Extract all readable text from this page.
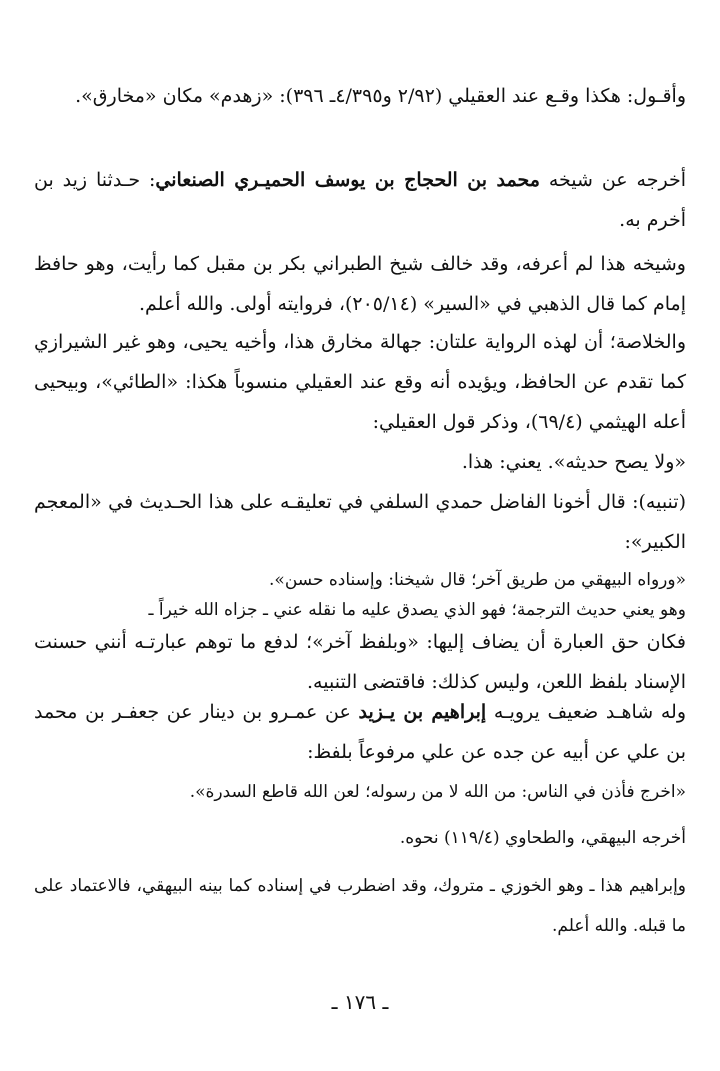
وأقـول: هكذا وقـع عند العقيلي (٢/٩٢ و٤/٣٩٥ـ ٣٩٦): «زهدم» مكان «مخارق».

أخرجه عن شيخه محمد بن الحجاج بن يوسف الحميـري الصنعاني: حـدثنا زيد بن أخرم به.

وشيخه هذا لم أعرفه، وقد خالف شيخ الطبراني بكر بن مقبل كما رأيت، وهو حافظ إمام كما قال الذهبي في «السير» (٢٠٥/١٤)، فروايته أولى. والله أعلم.

والخلاصة؛ أن لهذه الرواية علتان: جهالة مخارق هذا، وأخيه يحيى، وهو غير الشيرازي كما تقدم عن الحافظ، ويؤيده أنه وقع عند العقيلي منسوباً هكذا: «الطائي»، وبيحيى أعله الهيثمي (٦٩/٤)، وذكر قول العقيلي:

«ولا يصح حديثه». يعني: هذا.

(تنبيه): قال أخونا الفاضل حمدي السلفي في تعليقـه على هذا الحـديث في «المعجم الكبير»:

«ورواه البيهقي من طريق آخر؛ قال شيخنا: وإسناده حسن».

وهو يعني حديث الترجمة؛ فهو الذي يصدق عليه ما نقله عني ـ جزاه الله خيراً ـ

فكان حق العبارة أن يضاف إليها: «وبلفظ آخر»؛ لدفع ما توهم عبارتـه أنني حسنت الإسناد بلفظ اللعن، وليس كذلك: فاقتضى التنبيه.

وله شاهـد ضعيف يرويـه إبراهيم بن يـزيد عن عمـرو بن دينار عن جعفـر بن محمد بن علي عن أبيه عن جده عن علي مرفوعاً بلفظ:

«اخرج فأذن في الناس: من الله لا من رسوله؛ لعن الله قاطع السدرة».

أخرجه البيهقي، والطحاوي (١١٩/٤) نحوه.

وإبراهيم هذا ـ وهو الخوزي ـ متروك، وقد اضطرب في إسناده كما بينه البيهقي، فالاعتماد على ما قبله. والله أعلم.

ـ ١٧٦ ـ
